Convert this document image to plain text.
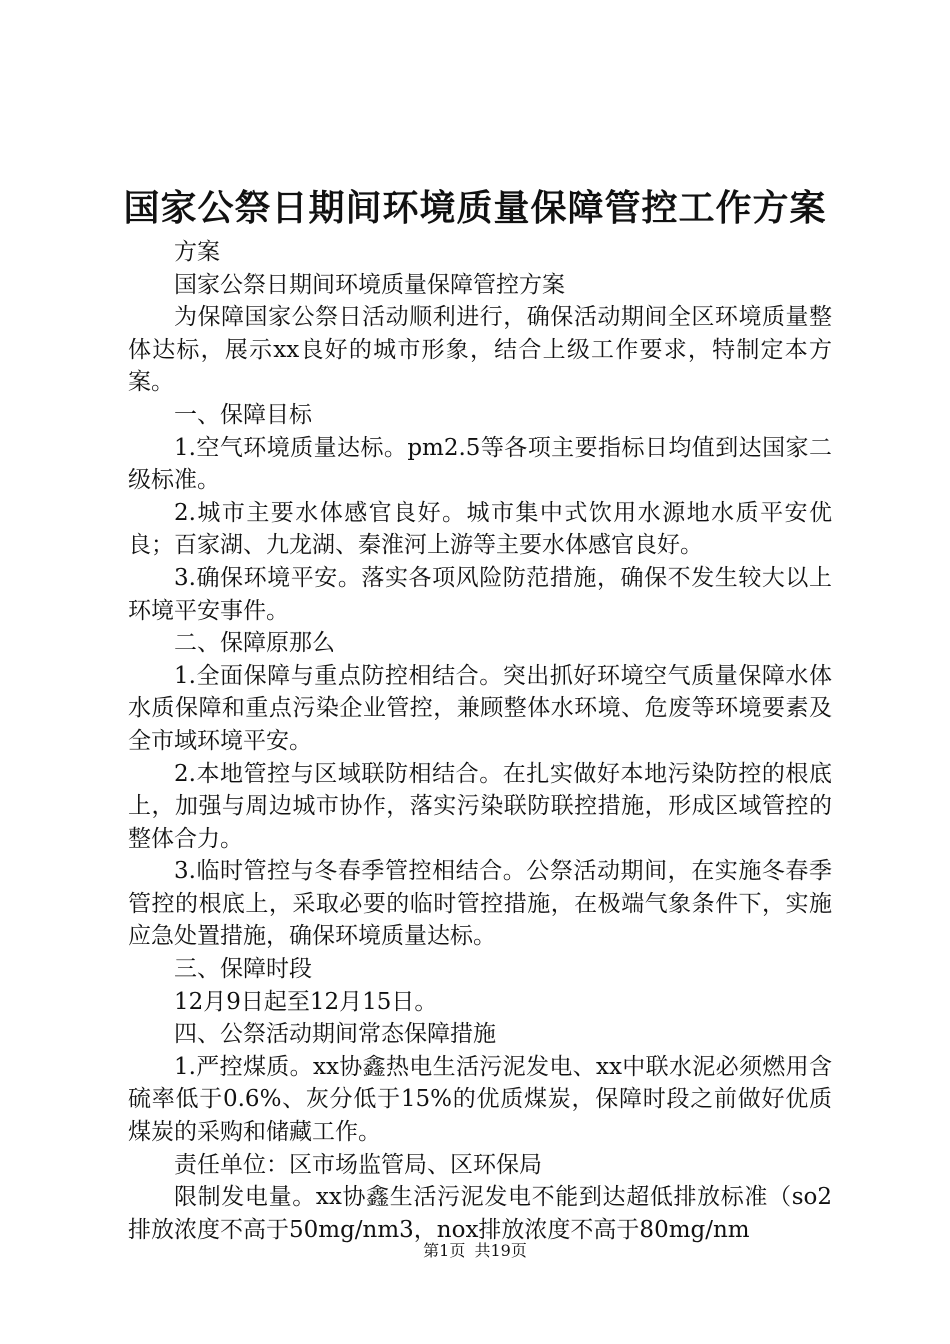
国家公祭日期间环境质量保障管控工作方案

方案

国家公祭日期间环境质量保障管控方案

为保障国家公祭日活动顺利进行，确保活动期间全区环境质量整体达标，展示xx良好的城市形象，结合上级工作要求，特制定本方案。

一、保障目标

1.空气环境质量达标。pm2.5等各项主要指标日均值到达国家二级标准。

2.城市主要水体感官良好。城市集中式饮用水源地水质平安优良；百家湖、九龙湖、秦淮河上游等主要水体感官良好。

3.确保环境平安。落实各项风险防范措施，确保不发生较大以上环境平安事件。

二、保障原那么

1.全面保障与重点防控相结合。突出抓好环境空气质量保障水体水质保障和重点污染企业管控，兼顾整体水环境、危废等环境要素及全市域环境平安。

2.本地管控与区域联防相结合。在扎实做好本地污染防控的根底上，加强与周边城市协作，落实污染联防联控措施，形成区域管控的整体合力。

3.临时管控与冬春季管控相结合。公祭活动期间，在实施冬春季管控的根底上，采取必要的临时管控措施，在极端气象条件下，实施应急处置措施，确保环境质量达标。

三、保障时段

12月9日起至12月15日。

四、公祭活动期间常态保障措施

1.严控煤质。xx协鑫热电生活污泥发电、xx中联水泥必须燃用含硫率低于0.6%、灰分低于15%的优质煤炭，保障时段之前做好优质煤炭的采购和储藏工作。

责任单位：区市场监管局、区环保局

限制发电量。xx协鑫生活污泥发电不能到达超低排放标准（so2排放浓度不高于50mg/nm3，nox排放浓度不高于80mg/nm

第1页 共19页
